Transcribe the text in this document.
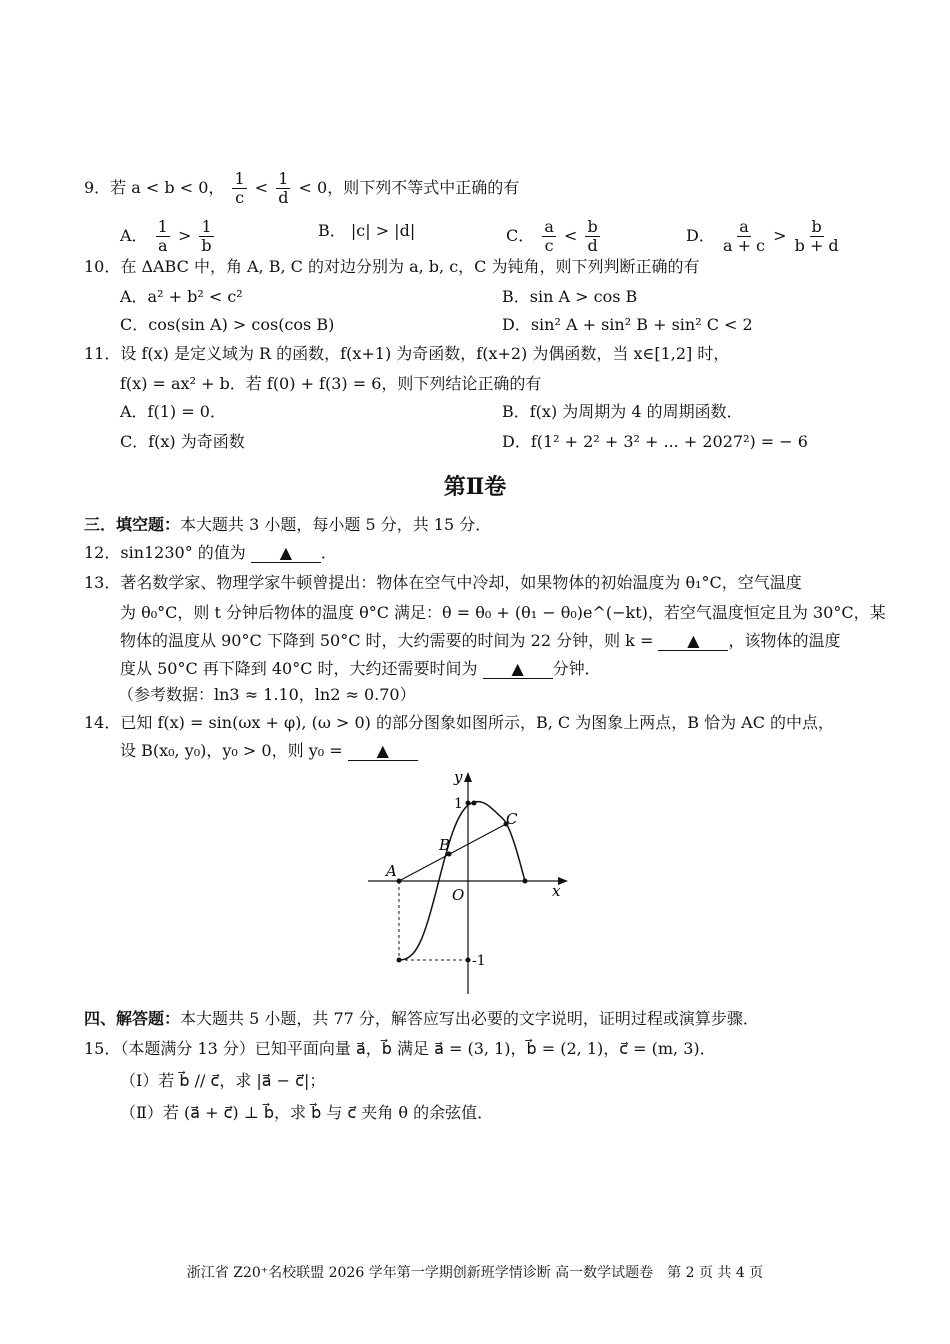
9．若 a < b < 0， $\frac{1}{c} < \frac{1}{d} < 0$，则下列不等式中正确的有
A． $\frac{1}{a} > \frac{1}{b}$	B． |c| > |d|	C． $\frac{a}{c} < \frac{b}{d}$	D． $\frac{a}{a + c} > \frac{b}{b + d}$
10．在 ΔABC 中，角 A, B, C 的对边分别为 a, b, c，C 为钝角，则下列判断正确的有
A．a² + b² < c²	B．sin A > cos B
C．cos(sin A) > cos(cos B)	D．sin² A + sin² B + sin² C < 2
11．设 f(x) 是定义域为 R 的函数，f(x+1) 为奇函数，f(x+2) 为偶函数，当 x∈[1,2] 时，
f(x) = ax² + b．若 f(0) + f(3) = 6，则下列结论正确的有
A．f(1) = 0．	B．f(x) 为周期为 4 的周期函数．
C．f(x) 为奇函数	D．f(1² + 2² + 3² + ... + 2027²) = − 6
第Ⅱ卷
三．填空题：本大题共 3 小题，每小题 5 分，共 15 分．
12．sin1230° 的值为 ▲ ．
13．著名数学家、物理学家牛顿曾提出：物体在空气中冷却，如果物体的初始温度为 θ₁°C，空气温度
为 θ₀°C，则 t 分钟后物体的温度 θ°C 满足：θ = θ₀ + (θ₁ − θ₀)e^(−kt)，若空气温度恒定且为 30°C，某
物体的温度从 90°C 下降到 50°C 时，大约需要的时间为 22 分钟，则 k = ▲ ，该物体的温度
度从 50°C 再下降到 40°C 时，大约还需要时间为 ▲ 分钟．
（参考数据：ln3 ≈ 1.10，ln2 ≈ 0.70）
14．已知 f(x) = sin(ωx + φ), (ω > 0) 的部分图象如图所示，B, C 为图象上两点，B 恰为 AC 的中点，
设 B(x₀, y₀)，y₀ > 0，则 y₀ = ▲
y
x
O
A
B
C
1
-1
四、解答题：本大题共 5 小题，共 77 分，解答应写出必要的文字说明，证明过程或演算步骤．
15．（本题满分 13 分）已知平面向量 a⃗，b⃗ 满足 a⃗ = (3, 1)，b⃗ = (2, 1)，c⃗ = (m, 3)．
（Ⅰ）若 b⃗ // c⃗，求 |a⃗ − c⃗|；
（Ⅱ）若 (a⃗ + c⃗) ⊥ b⃗，求 b⃗ 与 c⃗ 夹角 θ 的余弦值．
浙江省 Z20⁺名校联盟 2026 学年第一学期创新班学情诊断 高一数学试题卷　第 2 页 共 4 页
